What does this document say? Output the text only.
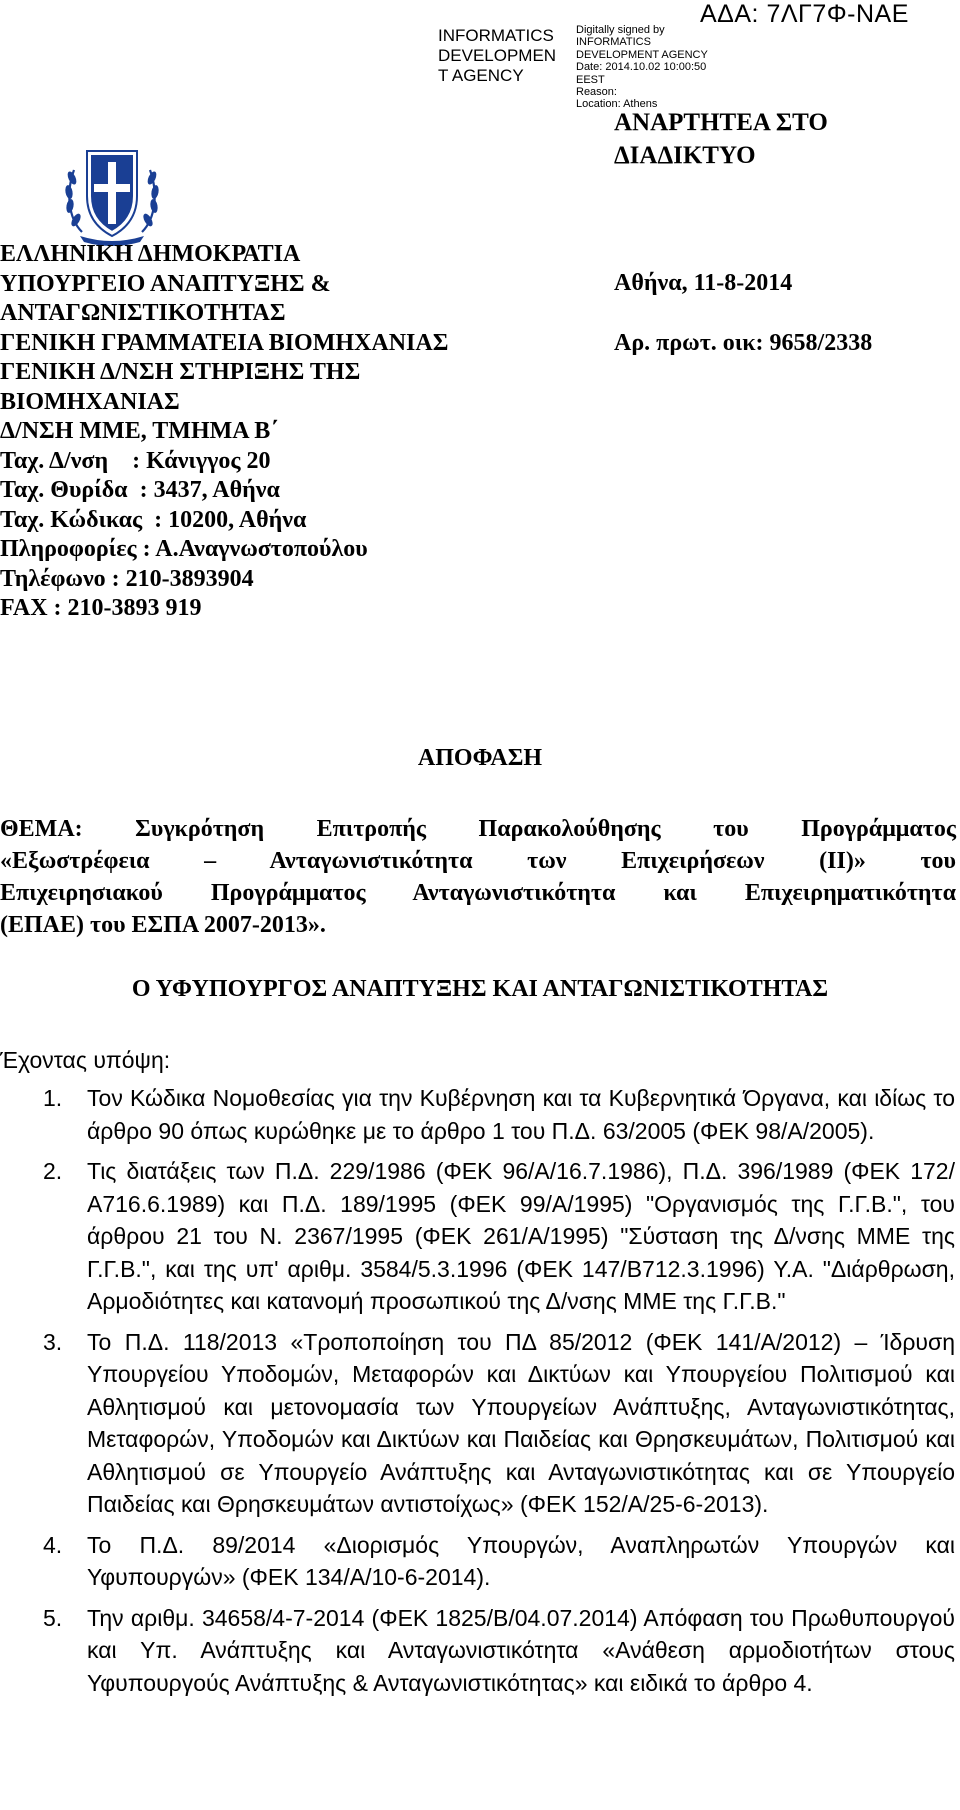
ΑΔΑ: 7ΛΓ7Φ-ΝΑΕ
INFORMATICS
DEVELOPMEN
T AGENCY
Digitally signed by
INFORMATICS
DEVELOPMENT AGENCY
Date: 2014.10.02 10:00:50
EEST
Reason:
Location: Athens
ΑΝΑΡΤΗΤΕΑ ΣΤΟ
ΔΙΑΔΙΚΤΥΟ
ΕΛΛΗΝΙΚΗ ΔΗΜΟΚΡΑΤΙΑ
ΥΠΟΥΡΓΕΙΟ ΑΝΑΠΤΥΞΗΣ &
ΑΝΤΑΓΩΝΙΣΤΙΚΟΤΗΤΑΣ
ΓΕΝΙΚΗ ΓΡΑΜΜΑΤΕΙΑ ΒΙΟΜΗΧΑΝΙΑΣ
ΓΕΝΙΚΗ Δ/ΝΣΗ ΣΤΗΡΙΞΗΣ ΤΗΣ
ΒΙΟΜΗΧΑΝΙΑΣ
Δ/ΝΣΗ ΜΜΕ, ΤΜΗΜΑ Β΄
Ταχ. Δ/νση    : Κάνιγγος 20
Ταχ. Θυρίδα  : 3437, Αθήνα
Ταχ. Κώδικας  : 10200, Αθήνα
Πληροφορίες : Α.Αναγνωστοπούλου
Τηλέφωνο : 210-3893904
FAX : 210-3893 919
Αθήνα, 11-8-2014
Αρ. πρωτ. οικ: 9658/2338
ΑΠΟΦΑΣΗ
ΘΕΜΑ: Συγκρότηση Επιτροπής Παρακολούθησης του Προγράμματος
«Εξωστρέφεια – Ανταγωνιστικότητα των Επιχειρήσεων (ΙΙ)» του
Επιχειρησιακού Προγράμματος Ανταγωνιστικότητα και Επιχειρηματικότητα
(ΕΠΑΕ) του ΕΣΠΑ 2007-2013».
Ο ΥΦΥΠΟΥΡΓΟΣ ΑΝΑΠΤΥΞΗΣ ΚΑΙ ΑΝΤΑΓΩΝΙΣΤΙΚΟΤΗΤΑΣ
Έχοντας υπόψη:
1. Τον Κώδικα Νομοθεσίας για την Κυβέρνηση και τα Κυβερνητικά Όργανα, και ιδίως το άρθρο 90 όπως κυρώθηκε με το άρθρο 1 του Π.Δ. 63/2005 (ΦΕΚ 98/Α/2005).
2. Τις διατάξεις των Π.Δ. 229/1986 (ΦΕΚ 96/Α/16.7.1986), Π.Δ. 396/1989 (ΦΕΚ 172/Α716.6.1989) και Π.Δ. 189/1995 (ΦΕΚ 99/Α/1995) "Οργανισμός της Γ.Γ.Β.", του άρθρου 21 του Ν. 2367/1995 (ΦΕΚ 261/Α/1995) "Σύσταση της Δ/νσης ΜΜΕ της Γ.Γ.Β.", και της υπ' αριθμ. 3584/5.3.1996 (ΦΕΚ 147/Β712.3.1996) Υ.Α. "Διάρθρωση, Αρμοδιότητες και κατανομή προσωπικού της Δ/νσης ΜΜΕ της Γ.Γ.Β."
3. Το Π.Δ. 118/2013 «Τροποποίηση του ΠΔ 85/2012 (ΦΕΚ 141/Α/2012) – Ίδρυση Υπουργείου Υποδομών, Μεταφορών και Δικτύων και Υπουργείου Πολιτισμού και Αθλητισμού και μετονομασία των Υπουργείων Ανάπτυξης, Ανταγωνιστικότητας, Μεταφορών, Υποδομών και Δικτύων και Παιδείας και Θρησκευμάτων, Πολιτισμού και Αθλητισμού σε Υπουργείο Ανάπτυξης και Ανταγωνιστικότητας και σε Υπουργείο Παιδείας και Θρησκευμάτων αντιστοίχως» (ΦΕΚ 152/Α/25-6-2013).
4. Το Π.Δ. 89/2014 «Διορισμός Υπουργών, Αναπληρωτών Υπουργών και Υφυπουργών» (ΦΕΚ 134/Α/10-6-2014).
5. Την αριθμ. 34658/4-7-2014 (ΦΕΚ 1825/Β/04.07.2014) Απόφαση του Πρωθυπουργού και Υπ. Ανάπτυξης και Ανταγωνιστικότητα «Ανάθεση αρμοδιοτήτων στους Υφυπουργούς Ανάπτυξης & Ανταγωνιστικότητας» και ειδικά το άρθρο 4.
